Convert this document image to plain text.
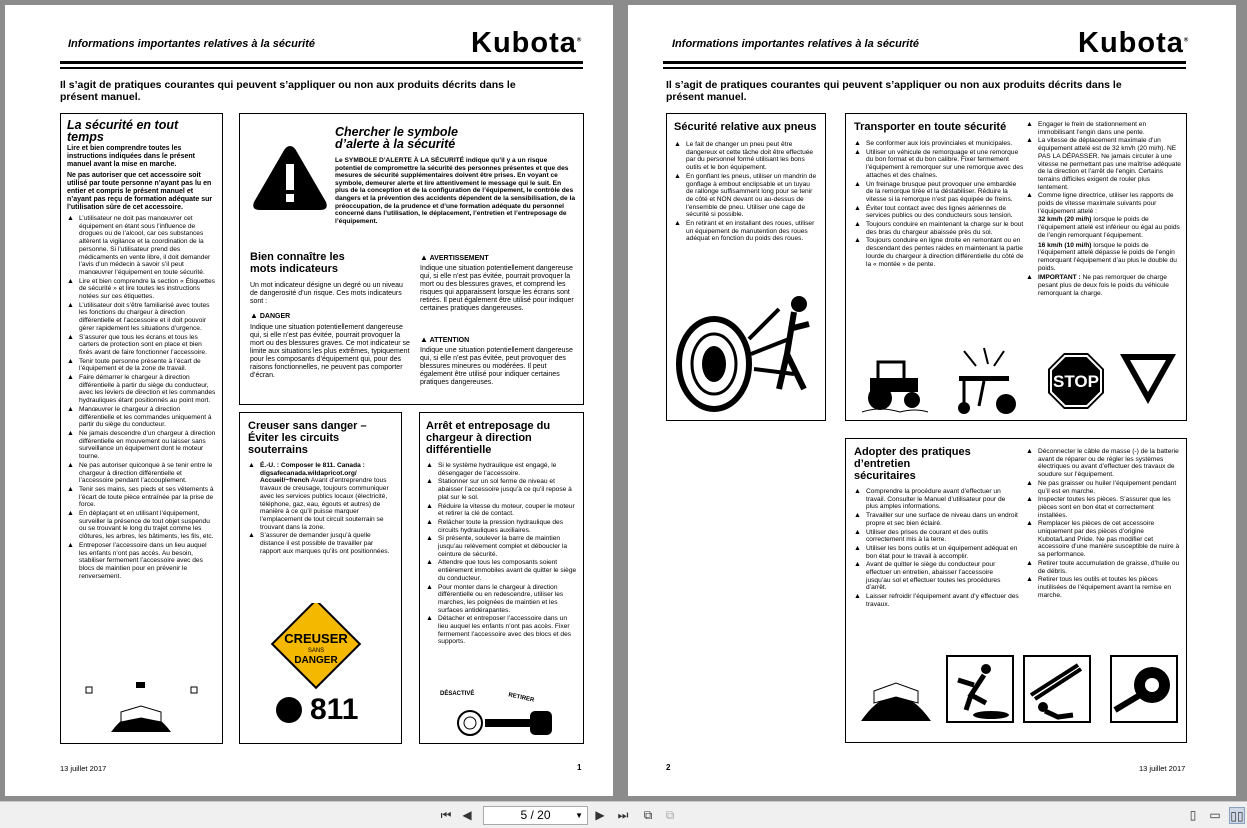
Informations importantes relatives à la sécurité	Kubota®
Il s’agit de pratiques courantes qui peuvent s’appliquer ou non aux produits décrits dans le présent manuel.
La sécurité en tout temps
Lire et bien comprendre toutes les instructions indiquées dans le présent manuel avant la mise en marche.
Ne pas autoriser que cet accessoire soit utilisé par toute personne n’ayant pas lu en entier et compris le présent manuel et n’ayant pas reçu de formation adéquate sur l’utilisation sûre de cet accessoire.
▲ L’utilisateur ne doit pas manœuvrer cet équipement en étant sous l’influence de drogues ou de l’alcool, car ces substances altèrent la vigilance et la coordination de la personne. Si l’utilisateur prend des médicaments en vente libre, il doit demander l’avis d’un médecin à savoir s’il peut manœuvrer l’équipement en toute sécurité.
▲ Lire et bien comprendre la section « Étiquettes de sécurité » et lire toutes les instructions notées sur ces étiquettes.
▲ L’utilisateur doit s’être familiarisé avec toutes les fonctions du chargeur à direction différentielle et l’accessoire et il doit pouvoir gérer rapidement les situations d’urgence.
▲ S’assurer que tous les écrans et tous les carters de protection sont en place et bien fixés avant de faire fonctionner l’accessoire.
▲ Tenir toute personne présente à l’écart de l’équipement et de la zone de travail.
▲ Faire démarrer le chargeur à direction différentielle à partir du siège du conducteur, avec les leviers de direction et les commandes hydrauliques étant positionnés au point mort.
▲ Manœuvrer le chargeur à direction différentielle et les commandes uniquement à partir du siège du conducteur.
▲ Ne jamais descendre d’un chargeur à direction différentielle en mouvement ou laisser sans surveillance un équipement dont le moteur tourne.
▲ Ne pas autoriser quiconque à se tenir entre le chargeur à direction différentielle et l’accessoire pendant l’accouplement.
▲ Tenir ses mains, ses pieds et ses vêtements à l’écart de toute pièce entraînée par la prise de force.
▲ En déplaçant et en utilisant l’équipement, surveiller la présence de tout objet suspendu ou se trouvant le long du trajet comme les clôtures, les arbres, les bâtiments, les fils, etc.
▲ Entreposer l’accessoire dans un lieu auquel les enfants n’ont pas accès. Au besoin, stabiliser fermement l’accessoire avec des blocs de maintien pour en prévenir le renversement.
Chercher le symbole d’alerte à la sécurité
Le SYMBOLE D’ALERTE À LA SÉCURITÉ indique qu’il y a un risque potentiel de compromettre la sécurité des personnes présentes et que des mesures de sécurité supplémentaires doivent être prises. En voyant ce symbole, demeurer alerte et lire attentivement le message qui le suit. En plus de la conception et de la configuration de l’équipement, le contrôle des dangers et la prévention des accidents dépendent de la sensibilisation, de la préoccupation, de la prudence et d’une formation adéquate du personnel concerné dans l’utilisation, le déplacement, l’entretien et l’entreposage de l’équipement.
Bien connaître les mots indicateurs
Un mot indicateur désigne un degré ou un niveau de dangerosité d’un risque. Ces mots indicateurs sont :
▲ DANGER
Indique une situation potentiellement dangereuse qui, si elle n’est pas évitée, pourrait provoquer la mort ou des blessures graves. Ce mot indicateur se limite aux situations les plus extrêmes, typiquement pour les composants d’équipement qui, pour des raisons fonctionnelles, ne peuvent pas comporter d’écran.
▲ AVERTISSEMENT
Indique une situation potentiellement dangereuse qui, si elle n’est pas évitée, pourrait provoquer la mort ou des blessures graves, et comprend les risques qui apparaissent lorsque les écrans sont retirés. Il peut également être utilisé pour indiquer certaines pratiques dangereuses.
▲ ATTENTION
Indique une situation potentiellement dangereuse qui, si elle n’est pas évitée, peut provoquer des blessures mineures ou modérées. Il peut également être utilisé pour indiquer certaines pratiques dangereuses.
Creuser sans danger – Éviter les circuits souterrains
▲ É.-U. : Composer le 811. Canada : digsafecanada.wildapricot.org/ Accueil/~french Avant d’entreprendre tous travaux de creusage, toujours communiquer avec les services publics locaux (électricité, téléphone, gaz, eau, égouts et autres) de manière à ce qu’il puisse marquer l’emplacement de tout circuit souterrain se trouvant dans la zone.
▲ S’assurer de demander jusqu’à quelle distance il est possible de travailler par rapport aux marques qu’ils ont positionnées.
CREUSER
SANS
DANGER
811
Arrêt et entreposage du chargeur à direction différentielle
▲ Si le système hydraulique est engagé, le désengager de l’accessoire.
▲ Stationner sur un sol ferme de niveau et abaisser l’accessoire jusqu’à ce qu’il repose à plat sur le sol.
▲ Réduire la vitesse du moteur, couper le moteur et retirer la clé de contact.
▲ Relâcher toute la pression hydraulique des circuits hydrauliques auxiliaires.
▲ Si présente, soulever la barre de maintien jusqu’au relèvement complet et déboucler la ceinture de sécurité.
▲ Attendre que tous les composants soient entièrement immobiles avant de quitter le siège du conducteur.
▲ Pour monter dans le chargeur à direction différentielle ou en redescendre, utiliser les marches, les poignées de maintien et les surfaces antidérapantes.
▲ Détacher et entreposer l’accessoire dans un lieu auquel les enfants n’ont pas accès. Fixer fermement l’accessoire avec des blocs et des supports.
DÉSACTIVÉ	RETIRER
13 juillet 2017	1
Informations importantes relatives à la sécurité	Kubota®
Il s’agit de pratiques courantes qui peuvent s’appliquer ou non aux produits décrits dans le présent manuel.
Sécurité relative aux pneus
▲ Le fait de changer un pneu peut être dangereux et cette tâche doit être effectuée par du personnel formé utilisant les bons outils et le bon équipement.
▲ En gonflant les pneus, utiliser un mandrin de gonflage à embout enclipsable et un tuyau de rallonge suffisamment long pour se tenir de côté et NON devant ou au-dessus de l’ensemble de pneu. Utiliser une cage de sécurité si possible.
▲ En retirant et en installant des roues, utiliser un équipement de manutention des roues adéquat en fonction du poids des roues.
Transporter en toute sécurité
▲ Se conformer aux lois provinciales et municipales.
▲ Utiliser un véhicule de remorquage et une remorque du bon format et du bon calibre. Fixer fermement l’équipement à remorquer sur une remorque avec des attaches et des chaînes.
▲ Un freinage brusque peut provoquer une embardée de la remorque tirée et la déstabiliser. Réduire la vitesse si la remorque n’est pas équipée de freins.
▲ Éviter tout contact avec des lignes aériennes de services publics ou des conducteurs sous tension.
▲ Toujours conduire en maintenant la charge sur le bout des bras du chargeur abaissée près du sol.
▲ Toujours conduire en ligne droite en remontant ou en descendant des pentes raides en maintenant la partie lourde du chargeur à direction différentielle du côté de la « montée » de pente.
▲ Engager le frein de stationnement en immobilisant l’engin dans une pente.
▲ La vitesse de déplacement maximale d’un équipement attelé est de 32 km/h (20 mi/h). NE PAS LA DÉPASSER. Ne jamais circuler à une vitesse ne permettant pas une maîtrise adéquate de la direction et l’arrêt de l’engin. Certains terrains difficiles exigent de rouler plus lentement.
▲ Comme ligne directrice, utiliser les rapports de poids de vitesse maximale suivants pour l’équipement attelé :
32 km/h (20 mi/h) lorsque le poids de l’équipement attelé est inférieur ou égal au poids de l’engin remorquant l’équipement.
16 km/h (10 mi/h) lorsque le poids de l’équipement attelé dépasse le poids de l’engin remorquant l’équipement d’au plus le double du poids.
▲ IMPORTANT : Ne pas remorquer de charge pesant plus de deux fois le poids du véhicule remorquant la charge.
STOP
Adopter des pratiques d’entretien sécuritaires
▲ Comprendre la procédure avant d’effectuer un travail. Consulter le Manuel d’utilisateur pour de plus amples informations.
▲ Travailler sur une surface de niveau dans un endroit propre et sec bien éclairé.
▲ Utiliser des prises de courant et des outils correctement mis à la terre.
▲ Utiliser les bons outils et un équipement adéquat en bon état pour le travail à accomplir.
▲ Avant de quitter le siège du conducteur pour effectuer un entretien, abaisser l’accessoire jusqu’au sol et effectuer toutes les procédures d’arrêt.
▲ Laisser refroidir l’équipement avant d’y effectuer des travaux.
▲ Déconnecter le câble de masse (-) de la batterie avant de réparer ou de régler les systèmes électriques ou avant d’effectuer des travaux de soudure sur l’équipement.
▲ Ne pas graisser ou huiler l’équipement pendant qu’il est en marche.
▲ Inspecter toutes les pièces. S’assurer que les pièces sont en bon état et correctement installées.
▲ Remplacer les pièces de cet accessoire uniquement par des pièces d’origine Kubota/Land Pride. Ne pas modifier cet accessoire d’une manière susceptible de nuire à sa performance.
▲ Retirer toute accumulation de graisse, d’huile ou de débris.
▲ Retirer tous les outils et toutes les pièces inutilisées de l’équipement avant la remise en marche.
2	13 juillet 2017
⏮ ◀	5 / 20	▼ ▶ ⏭	⧉	⧉	▯	▭ ▯▯
